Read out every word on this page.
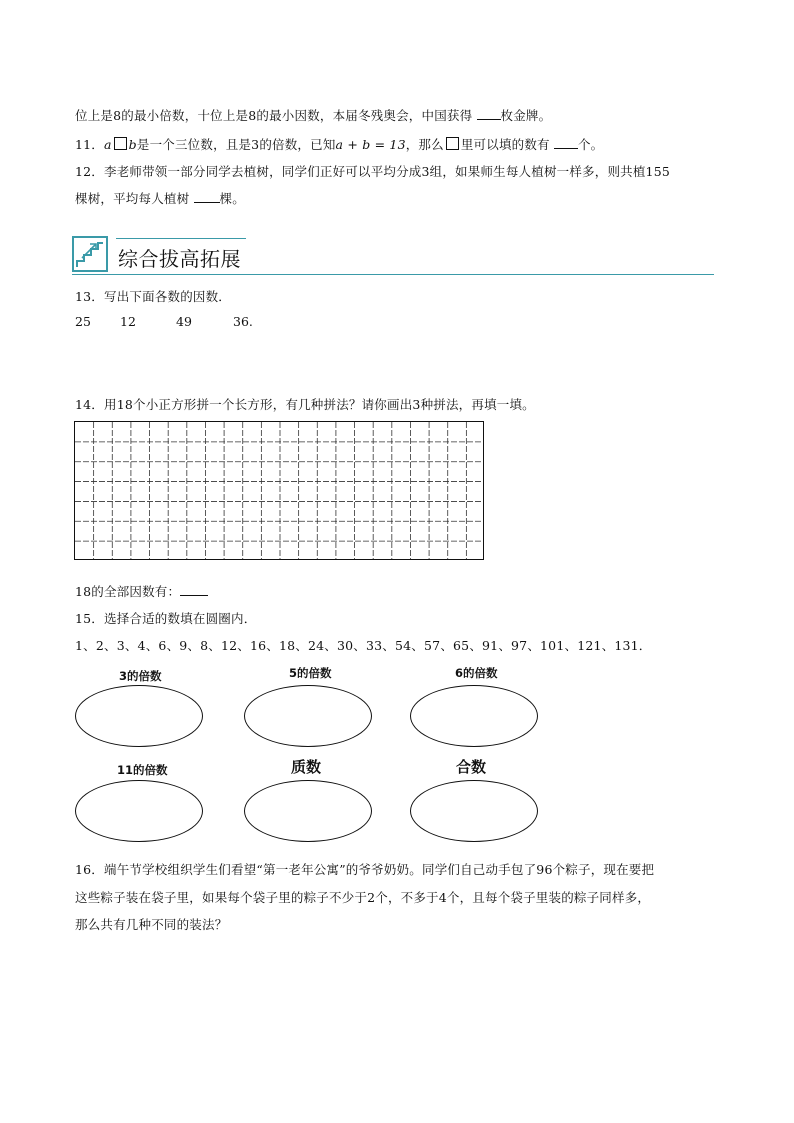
位上是8的最小倍数，十位上是8的最小因数，本届冬残奥会，中国获得 枚金牌。
11．a b是一个三位数，且是3的倍数，已知a + b = 13，那么 里可以填的数有 个。
12．李老师带领一部分同学去植树，同学们正好可以平均分成3组，如果师生每人植树一样多，则共植155
棵树，平均每人植树 棵。
综合拔高拓展
13．写出下面各数的因数．
25 12	49	36.
14．用18个小正方形拼一个长方形，有几种拼法？请你画出3种拼法，再填一填。
18的全部因数有：
15．选择合适的数填在圆圈内．
1、2、3、4、6、9、8、12、16、18、24、30、33、54、57、65、91、97、101、121、131．
3的倍数	5的倍数	6的倍数
11的倍数	质数	合数
16．端午节学校组织学生们看望“第一老年公寓”的爷爷奶奶。同学们自己动手包了96个粽子，现在要把
这些粽子装在袋子里，如果每个袋子里的粽子不少于2个，不多于4个，且每个袋子里装的粽子同样多，
那么共有几种不同的装法？
